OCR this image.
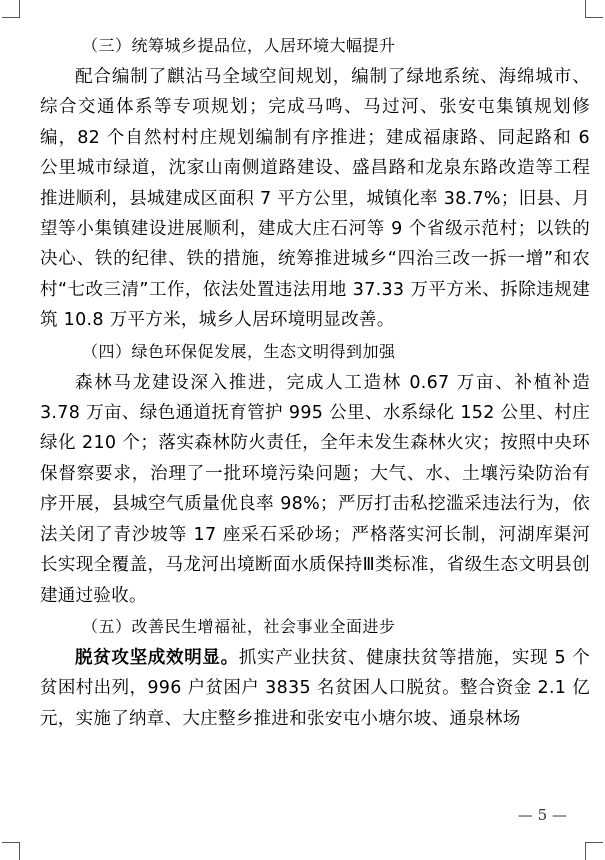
（三）统筹城乡提品位，人居环境大幅提升

配合编制了麒沾马全域空间规划，编制了绿地系统、海绵城市、综合交通体系等专项规划；完成马鸣、马过河、张安屯集镇规划修编，82 个自然村村庄规划编制有序推进；建成福康路、同起路和 6 公里城市绿道，沈家山南侧道路建设、盛昌路和龙泉东路改造等工程推进顺利，县城建成区面积 7 平方公里，城镇化率 38.7%；旧县、月望等小集镇建设进展顺利，建成大庄石河等 9 个省级示范村；以铁的决心、铁的纪律、铁的措施，统筹推进城乡“四治三改一拆一增”和农村“七改三清”工作，依法处置违法用地 37.33 万平方米、拆除违规建筑 10.8 万平方米，城乡人居环境明显改善。

（四）绿色环保促发展，生态文明得到加强

森林马龙建设深入推进，完成人工造林 0.67 万亩、补植补造 3.78 万亩、绿色通道抚育管护 995 公里、水系绿化 152 公里、村庄绿化 210 个；落实森林防火责任，全年未发生森林火灾；按照中央环保督察要求，治理了一批环境污染问题；大气、水、土壤污染防治有序开展，县城空气质量优良率 98%；严厉打击私挖滥采违法行为，依法关闭了青沙坡等 17 座采石采砂场；严格落实河长制，河湖库渠河长实现全覆盖，马龙河出境断面水质保持Ⅲ类标准，省级生态文明县创建通过验收。

（五）改善民生增福祉，社会事业全面进步

脱贫攻坚成效明显。抓实产业扶贫、健康扶贫等措施，实现 5 个贫困村出列，996 户贫困户 3835 名贫困人口脱贫。整合资金 2.1 亿元，实施了纳章、大庄整乡推进和张安屯小塘尔坡、通泉林场

— 5 —
